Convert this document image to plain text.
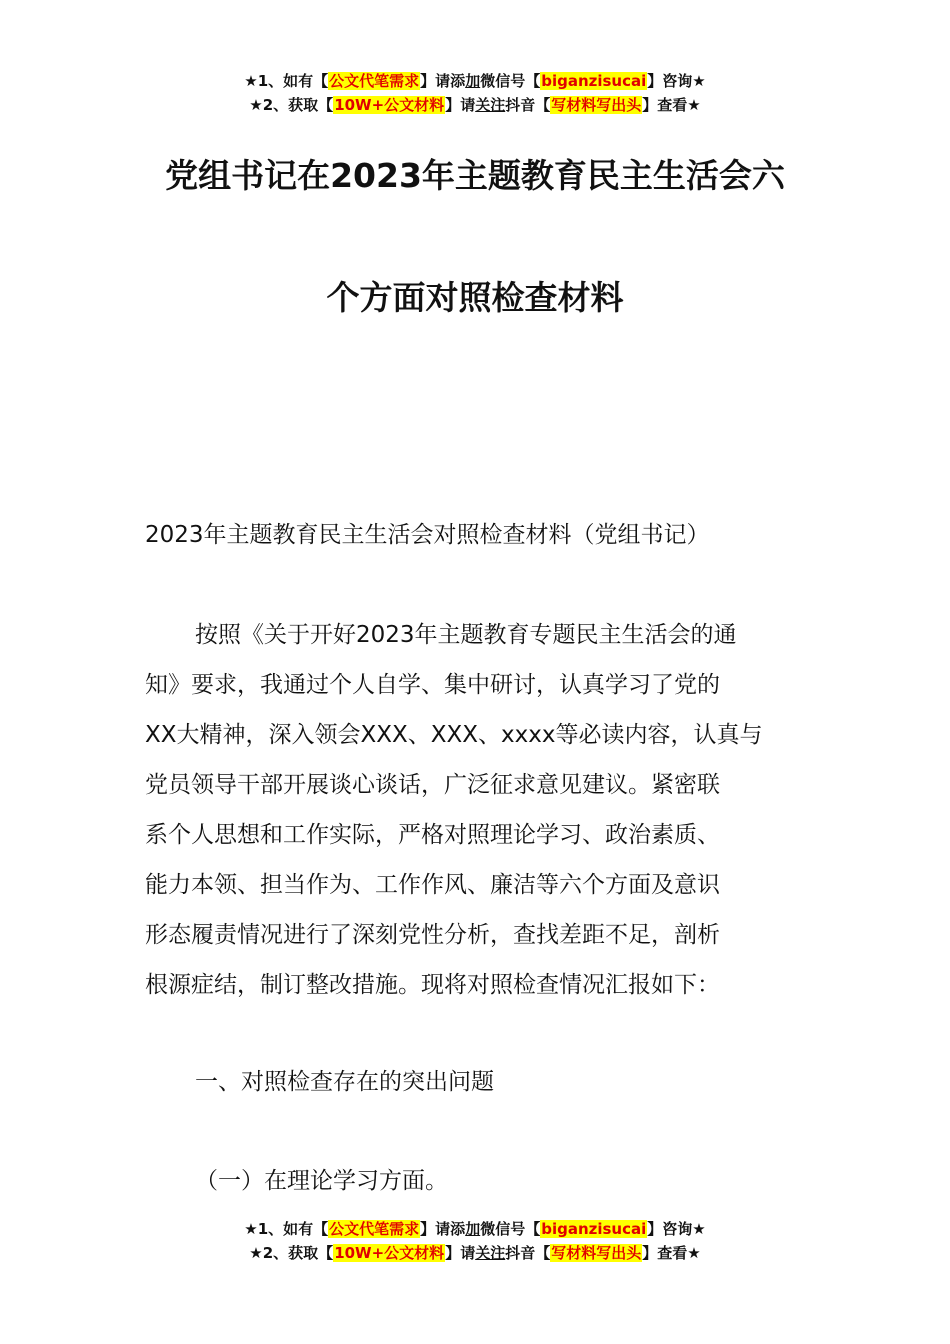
★1、如有【公文代笔需求】请添加微信号【biganzisucai】咨询★
★2、获取【10W+公文材料】请关注抖音【写材料写出头】查看★
党组书记在2023年主题教育民主生活会六
个方面对照检查材料
2023年主题教育民主生活会对照检查材料（党组书记）
按照《关于开好2023年主题教育专题民主生活会的通
知》要求，我通过个人自学、集中研讨，认真学习了党的
XX大精神，深入领会XXX、XXX、xxxx等必读内容，认真与
党员领导干部开展谈心谈话，广泛征求意见建议。紧密联
系个人思想和工作实际，严格对照理论学习、政治素质、
能力本领、担当作为、工作作风、廉洁等六个方面及意识
形态履责情况进行了深刻党性分析，查找差距不足，剖析
根源症结，制订整改措施。现将对照检查情况汇报如下：
一、对照检查存在的突出问题
（一）在理论学习方面。
★1、如有【公文代笔需求】请添加微信号【biganzisucai】咨询★
★2、获取【10W+公文材料】请关注抖音【写材料写出头】查看★
